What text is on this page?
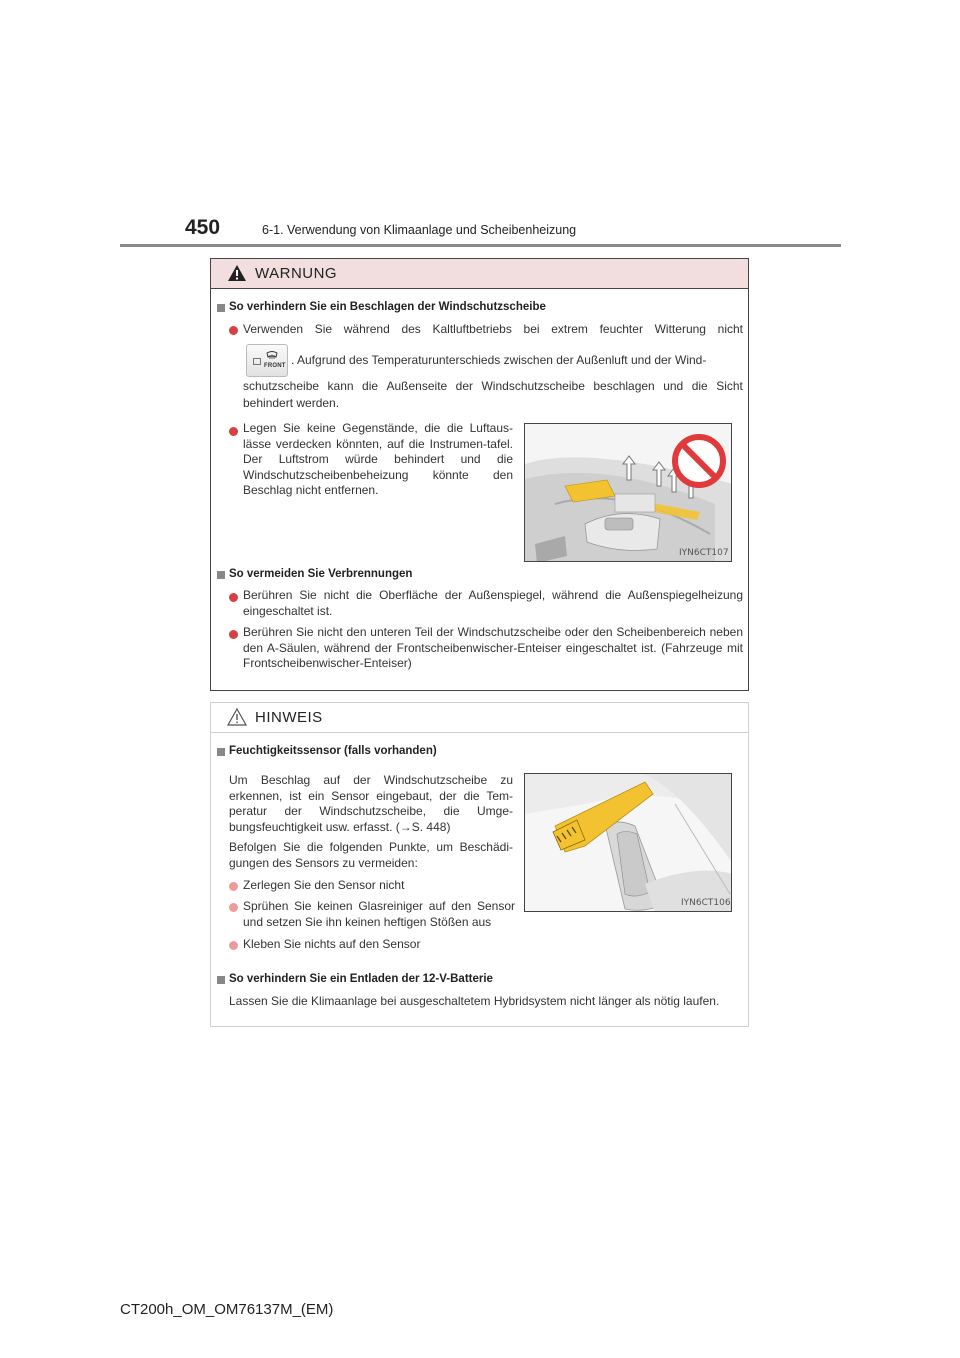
450	6-1. Verwendung von Klimaanlage und Scheibenheizung
WARNUNG
So verhindern Sie ein Beschlagen der Windschutzscheibe
Verwenden Sie während des Kaltluftbetriebs bei extrem feuchter Witterung nicht
FRONT . Aufgrund des Temperaturunterschieds zwischen der Außenluft und der Wind-
schutzscheibe kann die Außenseite der Windschutzscheibe beschlagen und die Sicht
behindert werden.
Legen Sie keine Gegenstände, die die Luftaus-lässe verdecken könnten, auf die Instrumen-tafel. Der Luftstrom würde behindert und die Windschutzscheibenbeheizung könnte den Beschlag nicht entfernen.
IYN6CT107
So vermeiden Sie Verbrennungen
Berühren Sie nicht die Oberfläche der Außenspiegel, während die Außenspiegelheizung eingeschaltet ist.
Berühren Sie nicht den unteren Teil der Windschutzscheibe oder den Scheibenbereich neben den A-Säulen, während der Frontscheibenwischer-Enteiser eingeschaltet ist. (Fahrzeuge mit Frontscheibenwischer-Enteiser)
HINWEIS
Feuchtigkeitssensor (falls vorhanden)
Um Beschlag auf der Windschutzscheibe zu erkennen, ist ein Sensor eingebaut, der die Tem-peratur der Windschutzscheibe, die Umge-bungsfeuchtigkeit usw. erfasst. (→S. 448)
Befolgen Sie die folgenden Punkte, um Beschädi-gungen des Sensors zu vermeiden:
Zerlegen Sie den Sensor nicht
Sprühen Sie keinen Glasreiniger auf den Sensor und setzen Sie ihn keinen heftigen Stößen aus
Kleben Sie nichts auf den Sensor
IYN6CT106
So verhindern Sie ein Entladen der 12-V-Batterie
Lassen Sie die Klimaanlage bei ausgeschaltetem Hybridsystem nicht länger als nötig laufen.
CT200h_OM_OM76137M_(EM)
